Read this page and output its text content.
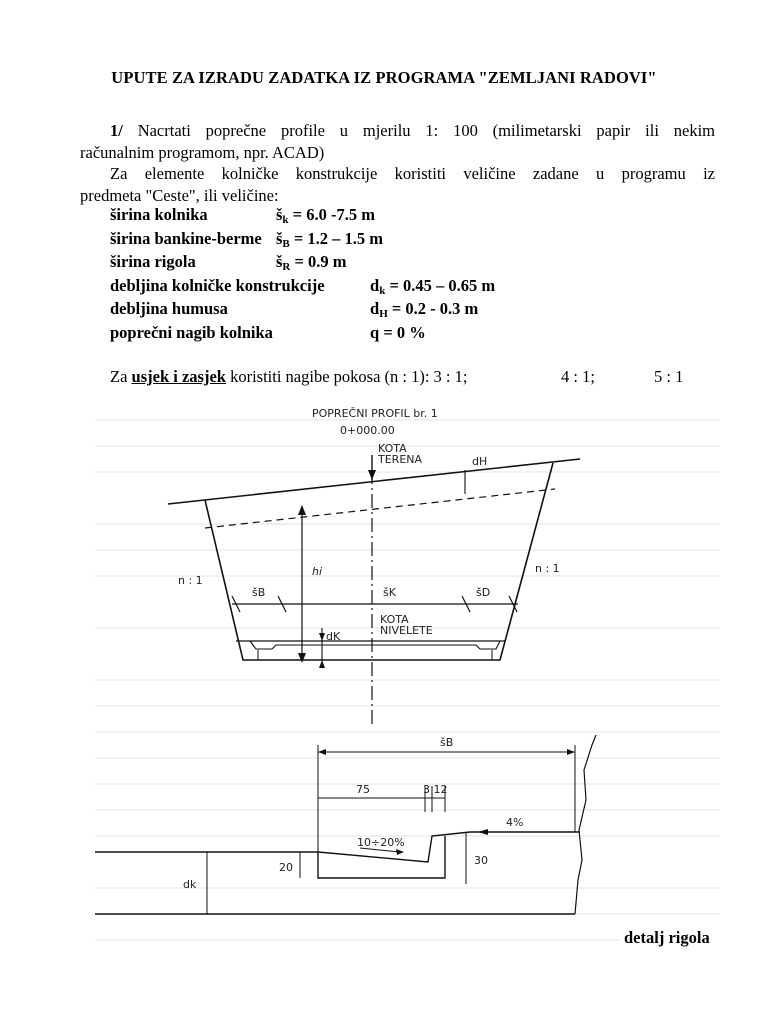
UPUTE ZA IZRADU ZADATKA IZ PROGRAMA "ZEMLJANI RADOVI"
1/ Nacrtati poprečne profile u mjerilu 1: 100 (milimetarski papir ili nekim
računalnim programom, npr. ACAD)
Za elemente kolničke konstrukcije koristiti veličine zadane u programu iz
predmeta "Ceste", ili veličine:
širina kolnika	$š_k = 6.0$ -7.5 m
širina bankine-berme $š_B = 1.2 - 1.5$ m
širina rigola	$š_R = 0.9$ m
debljina kolničke konstrukcije	$d_k = 0.45 - 0.65$ m
debljina humusa	$d_H = 0.2 - 0.3$ m
poprečni nagib kolnika	q = 0 %
Za usjek i zasjek koristiti nagibe pokosa (n : 1): 3 : 1;	4 : 1;	5 : 1
POPREČNI PROFIL br. 1
0+000.00
KOTA
TERENA	dH
hi
n : 1
n : 1
šB	šK	šD
KOTA
NIVELETE
dK
šB
75	3 12
4%
10÷20%
20
30
dk
detalj rigola
